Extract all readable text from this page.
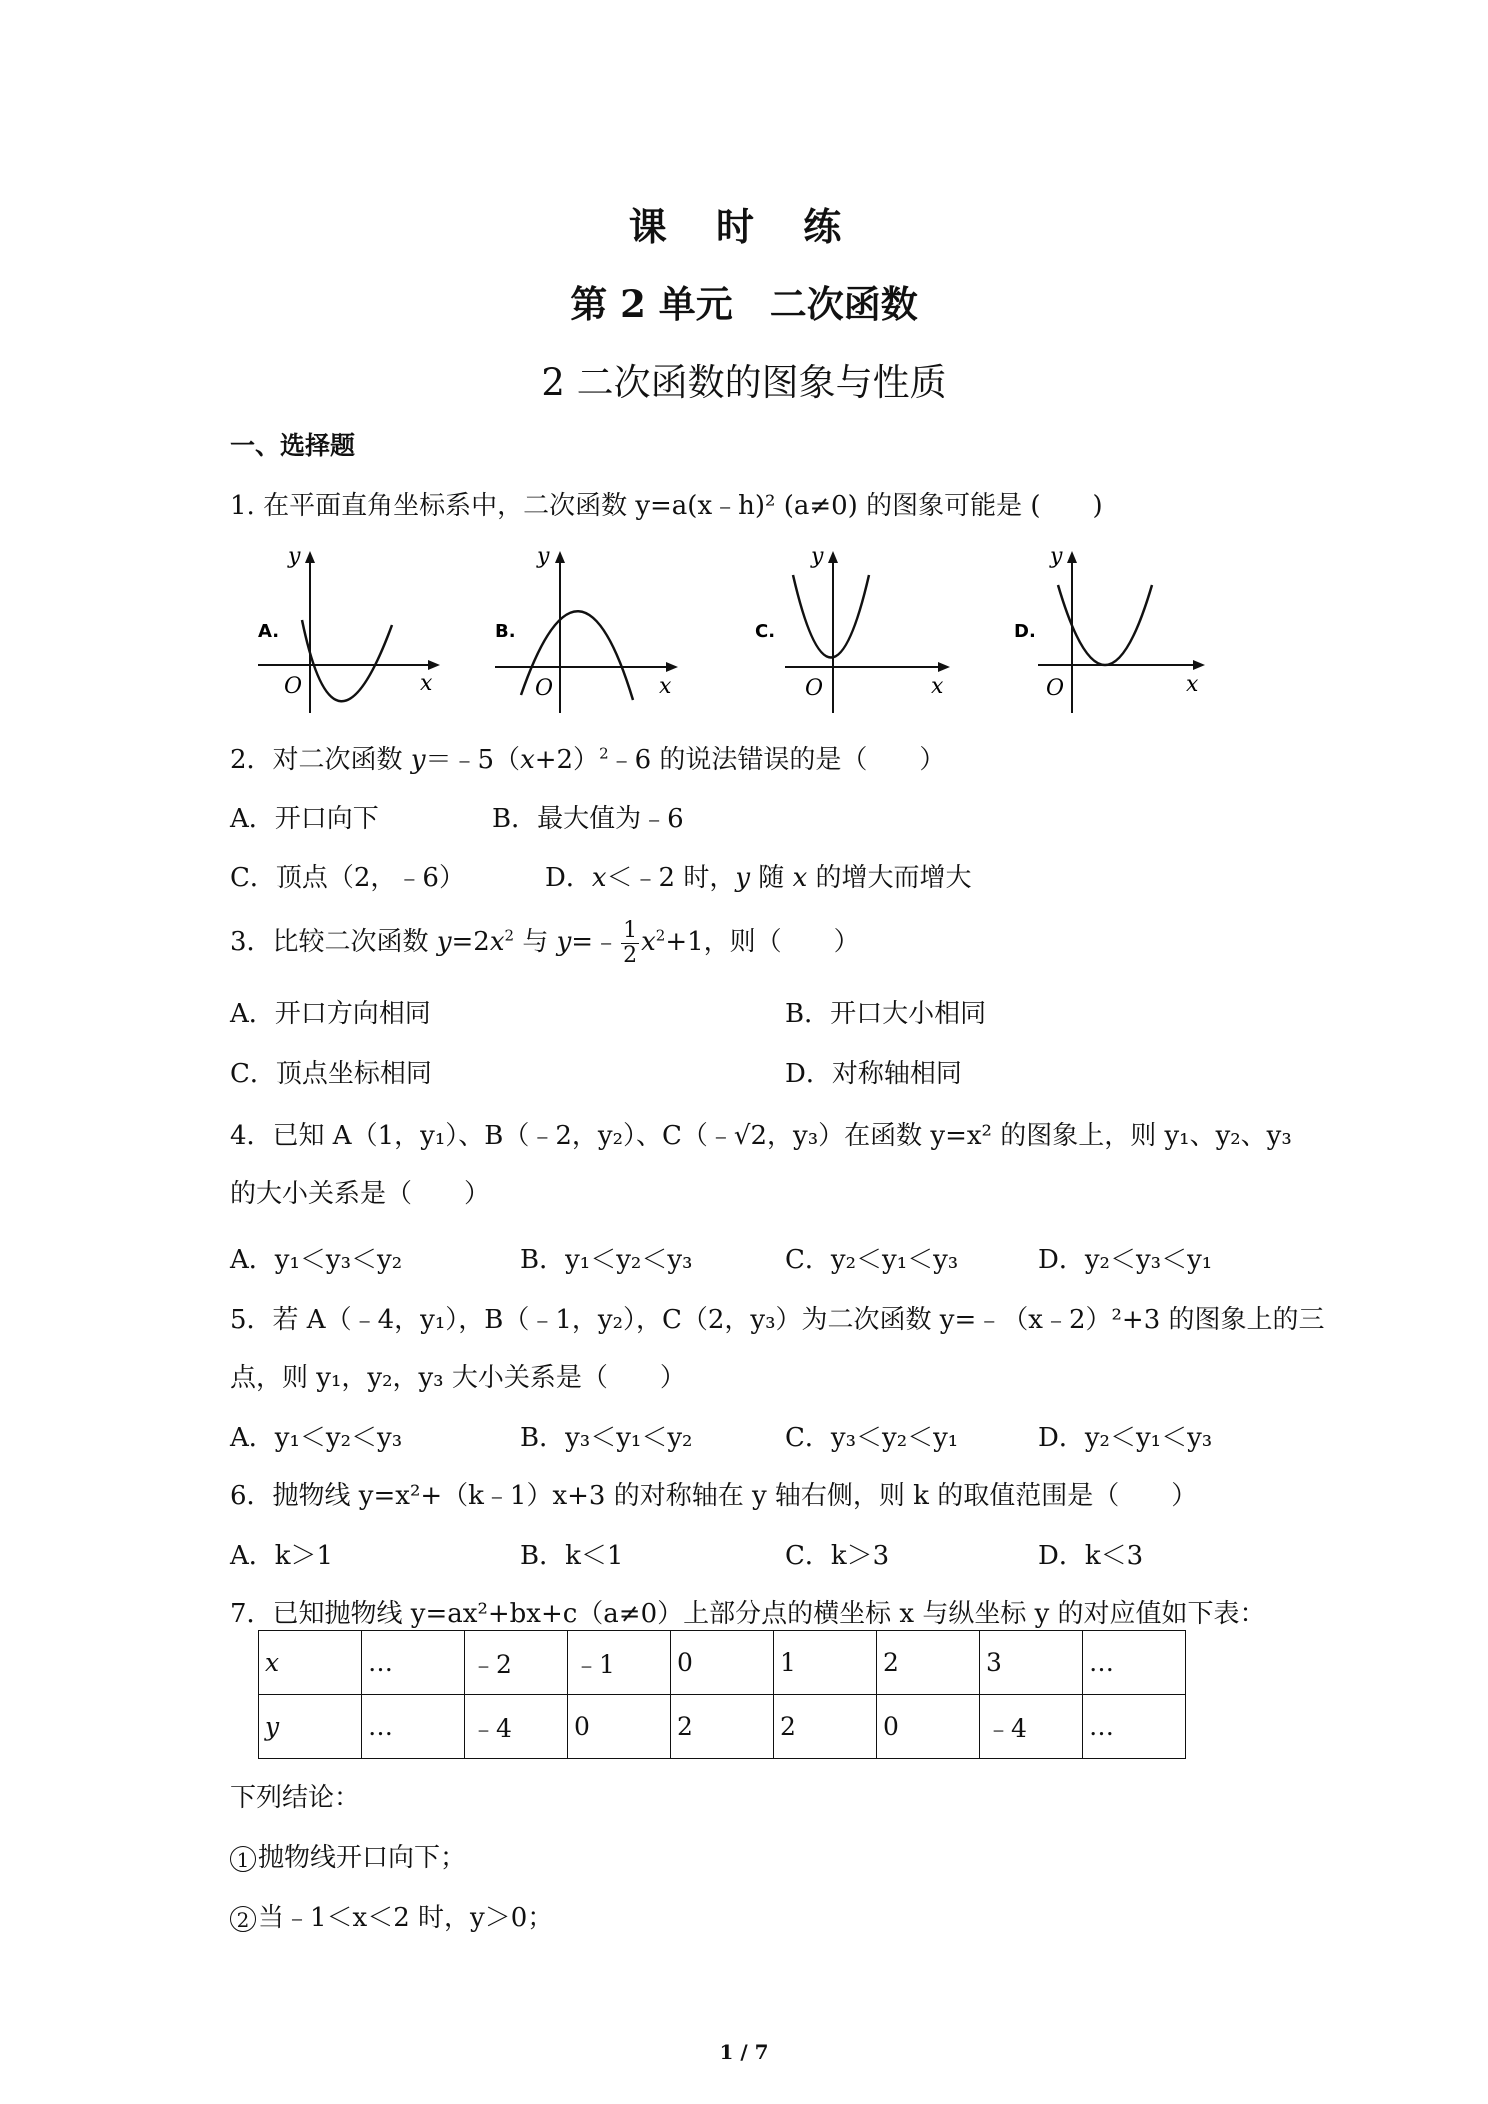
课 时 练
第 2 单元　二次函数
2 二次函数的图象与性质
一、选择题
1. 在平面直角坐标系中，二次函数 y=a(x﹣h)² (a≠0) 的图象可能是 (　　)
A.
y
x
O
B.
y
x
O
C.
y
x
O
D.
y
x
O
2．对二次函数 $y=﹣5(x+2)^2﹣6$ 的说法错误的是（　　）
A．开口向下	B．最大值为﹣6
C．顶点（2，﹣6）	D．x＜﹣2 时，y 随 x 的增大而增大
3．比较二次函数 $y=2x^2$ 与 y=﹣ $\frac{1}{2} x^2+1$，则（　　）
A．开口方向相同	B．开口大小相同
C．顶点坐标相同	D．对称轴相同
4．已知 A（1，y₁）、B（﹣2，y₂）、C（﹣√2，y₃）在函数 y=x² 的图象上，则 y₁、y₂、y₃
的大小关系是（　　）
A．y₁＜y₃＜y₂	B．y₁＜y₂＜y₃	C．y₂＜y₁＜y₃	D．y₂＜y₃＜y₁
5．若 A（﹣4，y₁），B（﹣1，y₂），C（2，y₃）为二次函数 y=﹣（x﹣2）²+3 的图象上的三
点，则 y₁，y₂，y₃ 大小关系是（　　）
A．y₁＜y₂＜y₃	B．y₃＜y₁＜y₂	C．y₃＜y₂＜y₁	D．y₂＜y₁＜y₃
6．抛物线 y=x²+（k﹣1）x+3 的对称轴在 y 轴右侧，则 k 的取值范围是（　　）
A．k＞1	B．k＜1	C．k＞3	D．k＜3
7．已知抛物线 y=ax²+bx+c（a≠0）上部分点的横坐标 x 与纵坐标 y 的对应值如下表：
x	…	﹣2	﹣1	0	1	2	3	…
y	…	﹣4	0	2	2	0	﹣4	…
下列结论：
1 抛物线开口向下；
2 当﹣1＜x＜2 时，y＞0；
1 / 7
